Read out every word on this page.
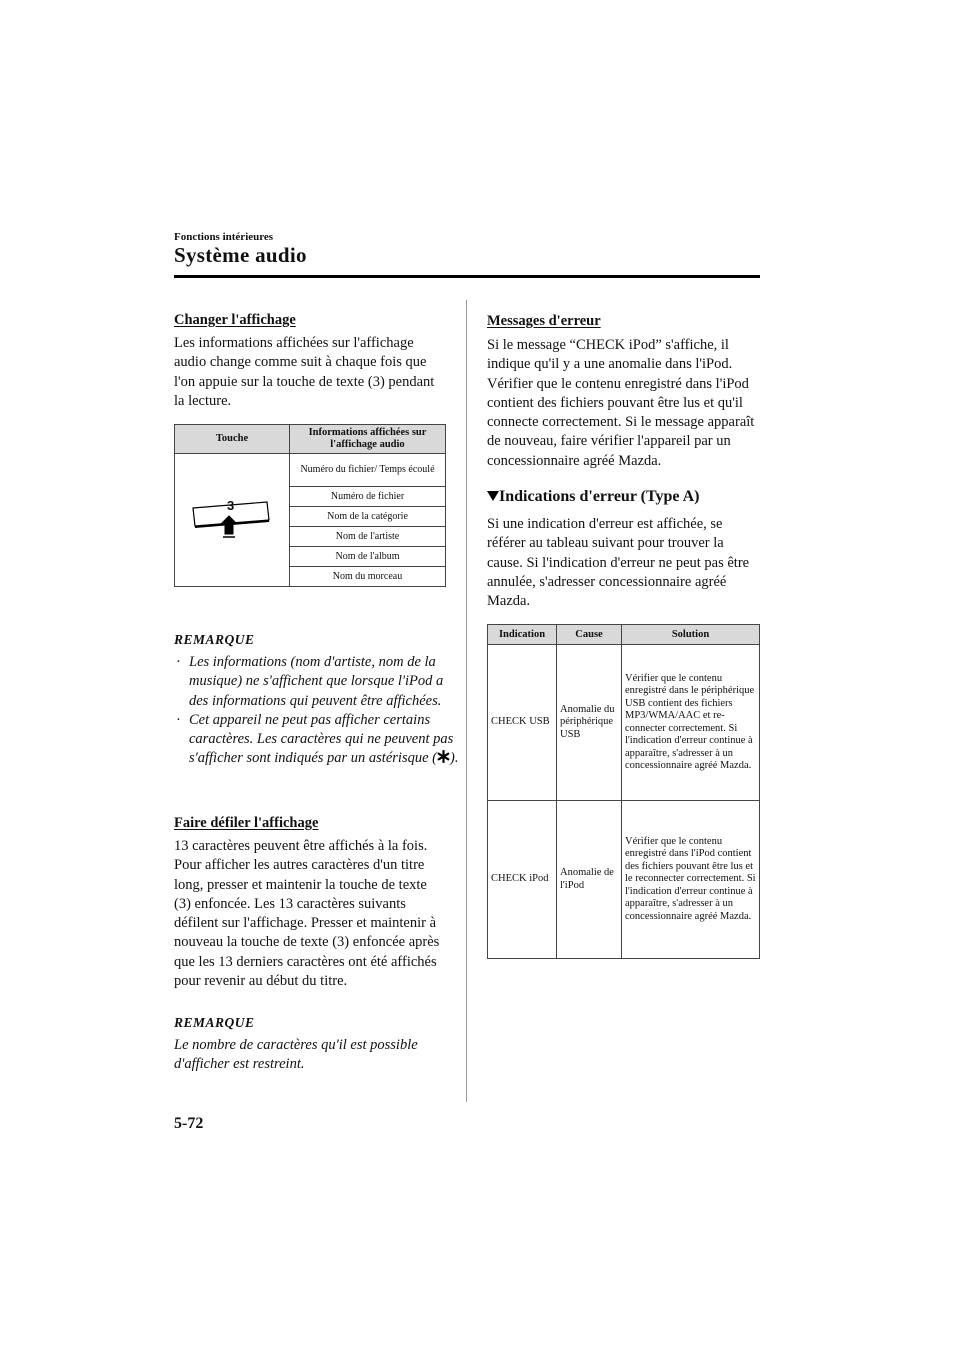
Fonctions intérieures
Système audio
Changer l'affichage
Les informations affichées sur l'affichage audio change comme suit à chaque fois que l'on appuie sur la touche de texte (3) pendant la lecture.
Touche	Informations affichées sur l'affichage audio

3	Numéro du fichier/ Temps écoulé
	Numéro de fichier
	Nom de la catégorie
	Nom de l'artiste
	Nom de l'album
	Nom du morceau
REMARQUE
· Les informations (nom d'artiste, nom de la musique) ne s'affichent que lorsque l'iPod a des informations qui peuvent être affichées.
· Cet appareil ne peut pas afficher certains caractères. Les caractères qui ne peuvent pas s'afficher sont indiqués par un astérisque ( ).
Faire défiler l'affichage
13 caractères peuvent être affichés à la fois. Pour afficher les autres caractères d'un titre long, presser et maintenir la touche de texte (3) enfoncée. Les 13 caractères suivants défilent sur l'affichage. Presser et maintenir à nouveau la touche de texte (3) enfoncée après que les 13 derniers caractères ont été affichés pour revenir au début du titre.
REMARQUE
Le nombre de caractères qu'il est possible d'afficher est restreint.
Messages d'erreur
Si le message “CHECK iPod” s'affiche, il indique qu'il y a une anomalie dans l'iPod. Vérifier que le contenu enregistré dans l'iPod contient des fichiers pouvant être lus et qu'il connecte correctement. Si le message apparaît de nouveau, faire vérifier l'appareil par un concessionnaire agréé Mazda.
Indications d'erreur (Type A)
Si une indication d'erreur est affichée, se référer au tableau suivant pour trouver la cause. Si l'indication d'erreur ne peut pas être annulée, s'adresser concessionnaire agréé Mazda.
Indication	Cause	Solution
CHECK USB	Anomalie du périphérique USB	Vérifier que le contenu enregistré dans le périphérique USB contient des fichiers MP3/WMA/AAC et re-connecter correctement. Si l'indication d'erreur continue à apparaître, s'adresser à un concessionnaire agréé Mazda.
CHECK iPod	Anomalie de l'iPod	Vérifier que le contenu enregistré dans l'iPod contient des fichiers pouvant être lus et le reconnecter correctement. Si l'indication d'erreur continue à apparaître, s'adresser à un concessionnaire agréé Mazda.
5-72
